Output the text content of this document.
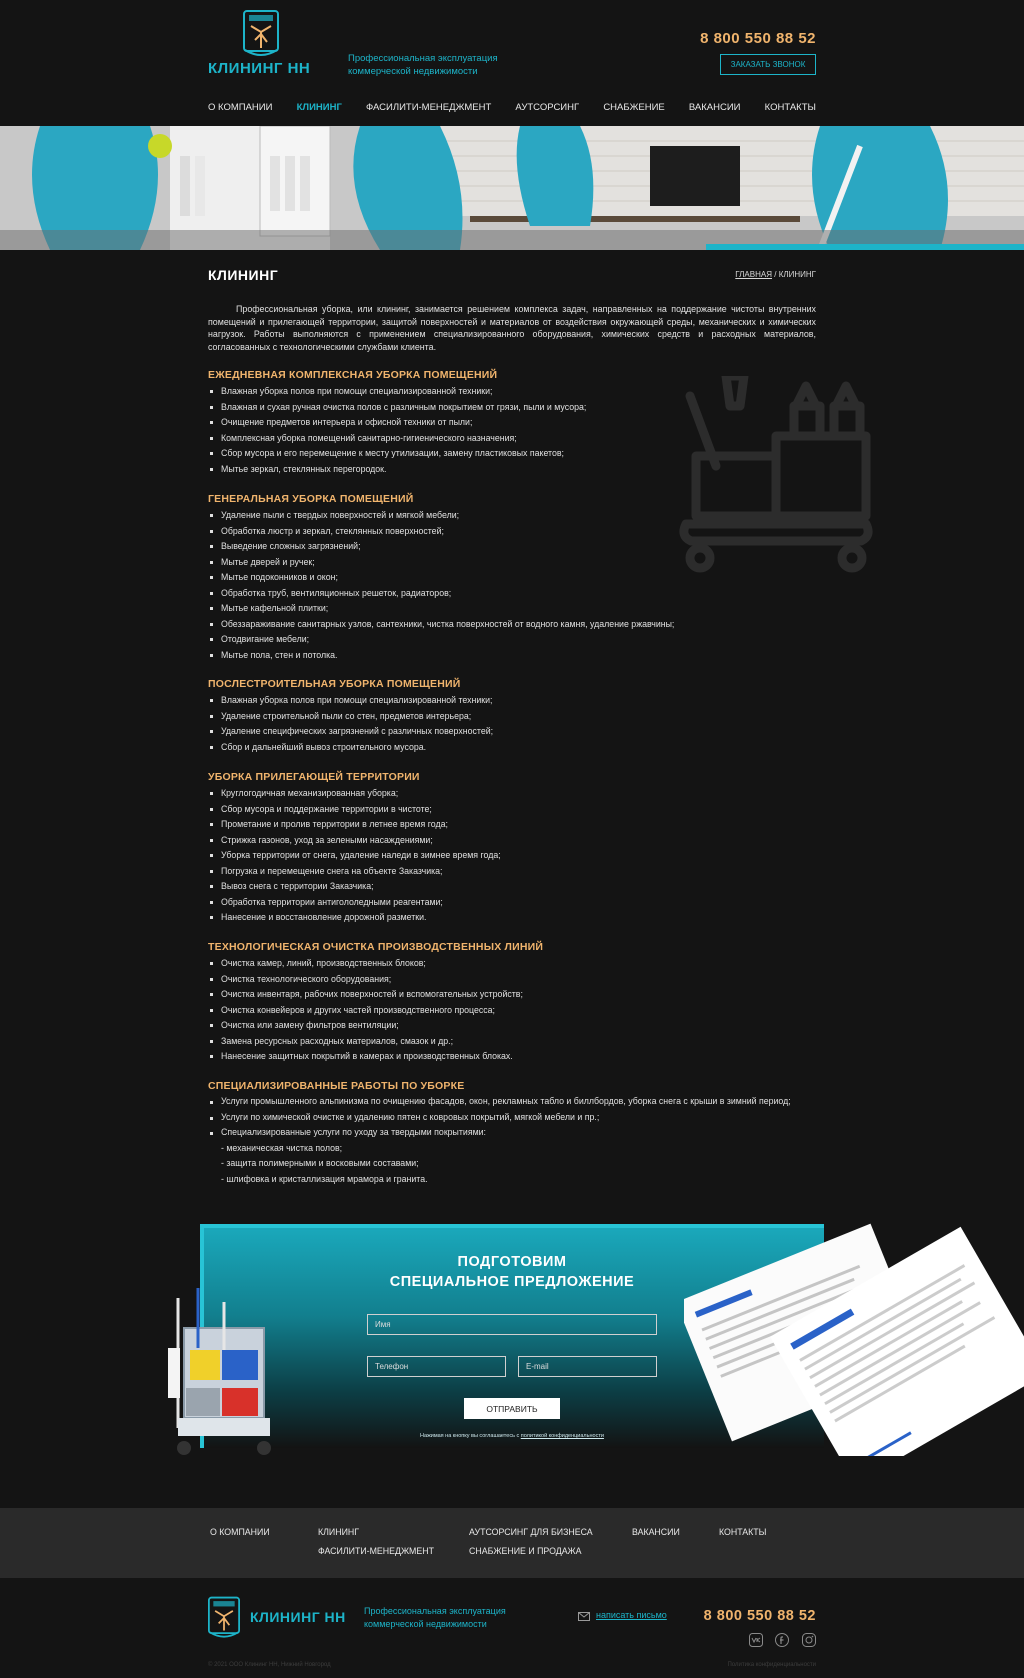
КЛИНИНГ НН
Профессиональная эксплуатация
коммерческой недвижимости
8 800 550 88 52
ЗАКАЗАТЬ ЗВОНОК
О КОМПАНИИ	КЛИНИНГ	ФАСИЛИТИ-МЕНЕДЖМЕНТ	АУТСОРСИНГ	СНАБЖЕНИЕ	ВАКАНСИИ	КОНТАКТЫ
КЛИНИНГ	ГЛАВНАЯ / КЛИНИНГ

Профессиональная уборка, или клининг, занимается решением комплекса задач, направленных на поддержание чистоты внутренних помещений и прилегающей территории, защитой поверхностей и материалов от воздействия окружающей среды, механических и химических нагрузок. Работы выполняются с применением специализированного оборудования, химических средств и расходных материалов, согласованных с технологическими службами клиента.

ЕЖЕДНЕВНАЯ КОМПЛЕКСНАЯ УБОРКА ПОМЕЩЕНИЙ
Влажная уборка полов при помощи специализированной техники;
Влажная и сухая ручная очистка полов с различным покрытием от грязи, пыли и мусора;
Очищение предметов интерьера и офисной техники от пыли;
Комплексная уборка помещений санитарно-гигиенического назначения;
Сбор мусора и его перемещение к месту утилизации, замену пластиковых пакетов;
Мытье зеркал, стеклянных перегородок.
ГЕНЕРАЛЬНАЯ УБОРКА ПОМЕЩЕНИЙ
Удаление пыли с твердых поверхностей и мягкой мебели;
Обработка люстр и зеркал, стеклянных поверхностей;
Выведение сложных загрязнений;
Мытье дверей и ручек;
Мытье подоконников и окон;
Обработка труб, вентиляционных решеток, радиаторов;
Мытье кафельной плитки;
Обеззараживание санитарных узлов, сантехники, чистка поверхностей от водного камня, удаление ржавчины;
Отодвигание мебели;
Мытье пола, стен и потолка.
ПОСЛЕСТРОИТЕЛЬНАЯ УБОРКА ПОМЕЩЕНИЙ
Влажная уборка полов при помощи специализированной техники;
Удаление строительной пыли со стен, предметов интерьера;
Удаление специфических загрязнений с различных поверхностей;
Сбор и дальнейший вывоз строительного мусора.
УБОРКА ПРИЛЕГАЮЩЕЙ ТЕРРИТОРИИ
Круглогодичная механизированная уборка;
Сбор мусора и поддержание территории в чистоте;
Прометание и пролив территории в летнее время года;
Стрижка газонов, уход за зелеными насаждениями;
Уборка территории от снега, удаление наледи в зимнее время года;
Погрузка и перемещение снега на объекте Заказчика;
Вывоз снега с территории Заказчика;
Обработка территории антигололедными реагентами;
Нанесение и восстановление дорожной разметки.
ТЕХНОЛОГИЧЕСКАЯ ОЧИСТКА ПРОИЗВОДСТВЕННЫХ ЛИНИЙ
Очистка камер, линий, производственных блоков;
Очистка технологического оборудования;
Очистка инвентаря, рабочих поверхностей и вспомогательных устройств;
Очистка конвейеров и других частей производственного процесса;
Очистка или замену фильтров вентиляции;
Замена ресурсных расходных материалов, смазок и др.;
Нанесение защитных покрытий в камерах и производственных блоках.
СПЕЦИАЛИЗИРОВАННЫЕ РАБОТЫ ПО УБОРКЕ
Услуги промышленного альпинизма по очищению фасадов, окон, рекламных табло и биллбордов, уборка снега с крыши в зимний период;
Услуги по химической очистке и удалению пятен с ковровых покрытий, мягкой мебели и пр.;
Специализированные услуги по уходу за твердыми покрытиями:
- механическая чистка полов;
- защита полимерными и восковыми составами;
- шлифовка и кристаллизация мрамора и гранита.
ПОДГОТОВИМ
СПЕЦИАЛЬНОЕ ПРЕДЛОЖЕНИЕ
Имя
Телефон
E-mail
ОТПРАВИТЬ
Нажимая на кнопку вы соглашаетесь с политикой конфиденциальности
О КОМПАНИИ	КЛИНИНГ
ФАСИЛИТИ-МЕНЕДЖМЕНТ
АУТСОРСИНГ ДЛЯ БИЗНЕСА
СНАБЖЕНИЕ И ПРОДАЖА
ВАКАНСИИ	КОНТАКТЫ
КЛИНИНГ НН Профессиональная эксплуатация
коммерческой недвижимости
написать письмо	8 800 550 88 52
© 2021 ООО Клининг НН, Нижний Новгород	Политика конфиденциальности
